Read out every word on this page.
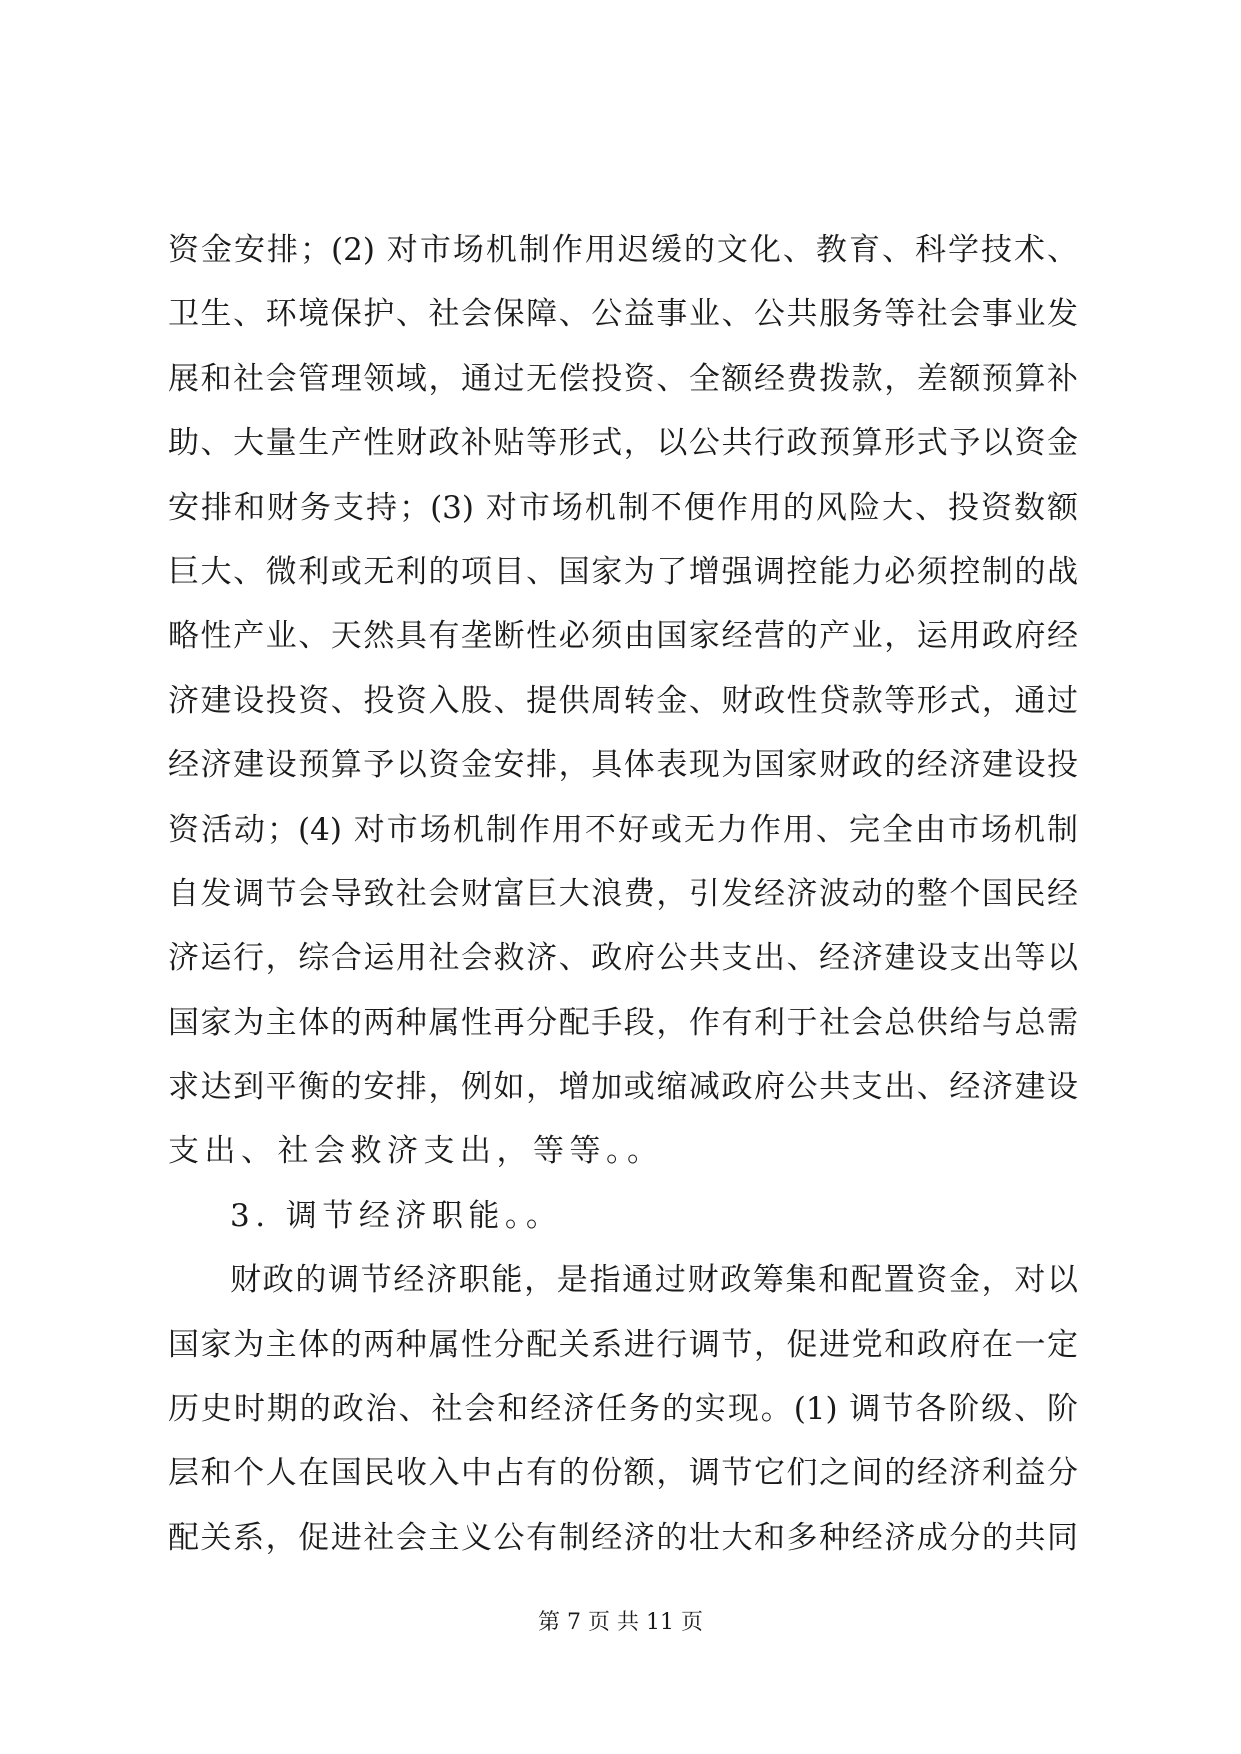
资金安排；(2) 对市场机制作用迟缓的文化、教育、科学技术、
卫生、环境保护、社会保障、公益事业、公共服务等社会事业发
展和社会管理领域，通过无偿投资、全额经费拨款，差额预算补
助、大量生产性财政补贴等形式，以公共行政预算形式予以资金
安排和财务支持；(3) 对市场机制不便作用的风险大、投资数额
巨大、微利或无利的项目、国家为了增强调控能力必须控制的战
略性产业、天然具有垄断性必须由国家经营的产业，运用政府经
济建设投资、投资入股、提供周转金、财政性贷款等形式，通过
经济建设预算予以资金安排，具体表现为国家财政的经济建设投
资活动；(4) 对市场机制作用不好或无力作用、完全由市场机制
自发调节会导致社会财富巨大浪费，引发经济波动的整个国民经
济运行，综合运用社会救济、政府公共支出、经济建设支出等以
国家为主体的两种属性再分配手段，作有利于社会总供给与总需
求达到平衡的安排，例如，增加或缩减政府公共支出、经济建设
支出、社会救济支出，等等。。
3. 调节经济职能。。
财政的调节经济职能，是指通过财政筹集和配置资金，对以
国家为主体的两种属性分配关系进行调节，促进党和政府在一定
历史时期的政治、社会和经济任务的实现。(1) 调节各阶级、阶
层和个人在国民收入中占有的份额，调节它们之间的经济利益分
配关系，促进社会主义公有制经济的壮大和多种经济成分的共同
第 7 页 共 11 页
